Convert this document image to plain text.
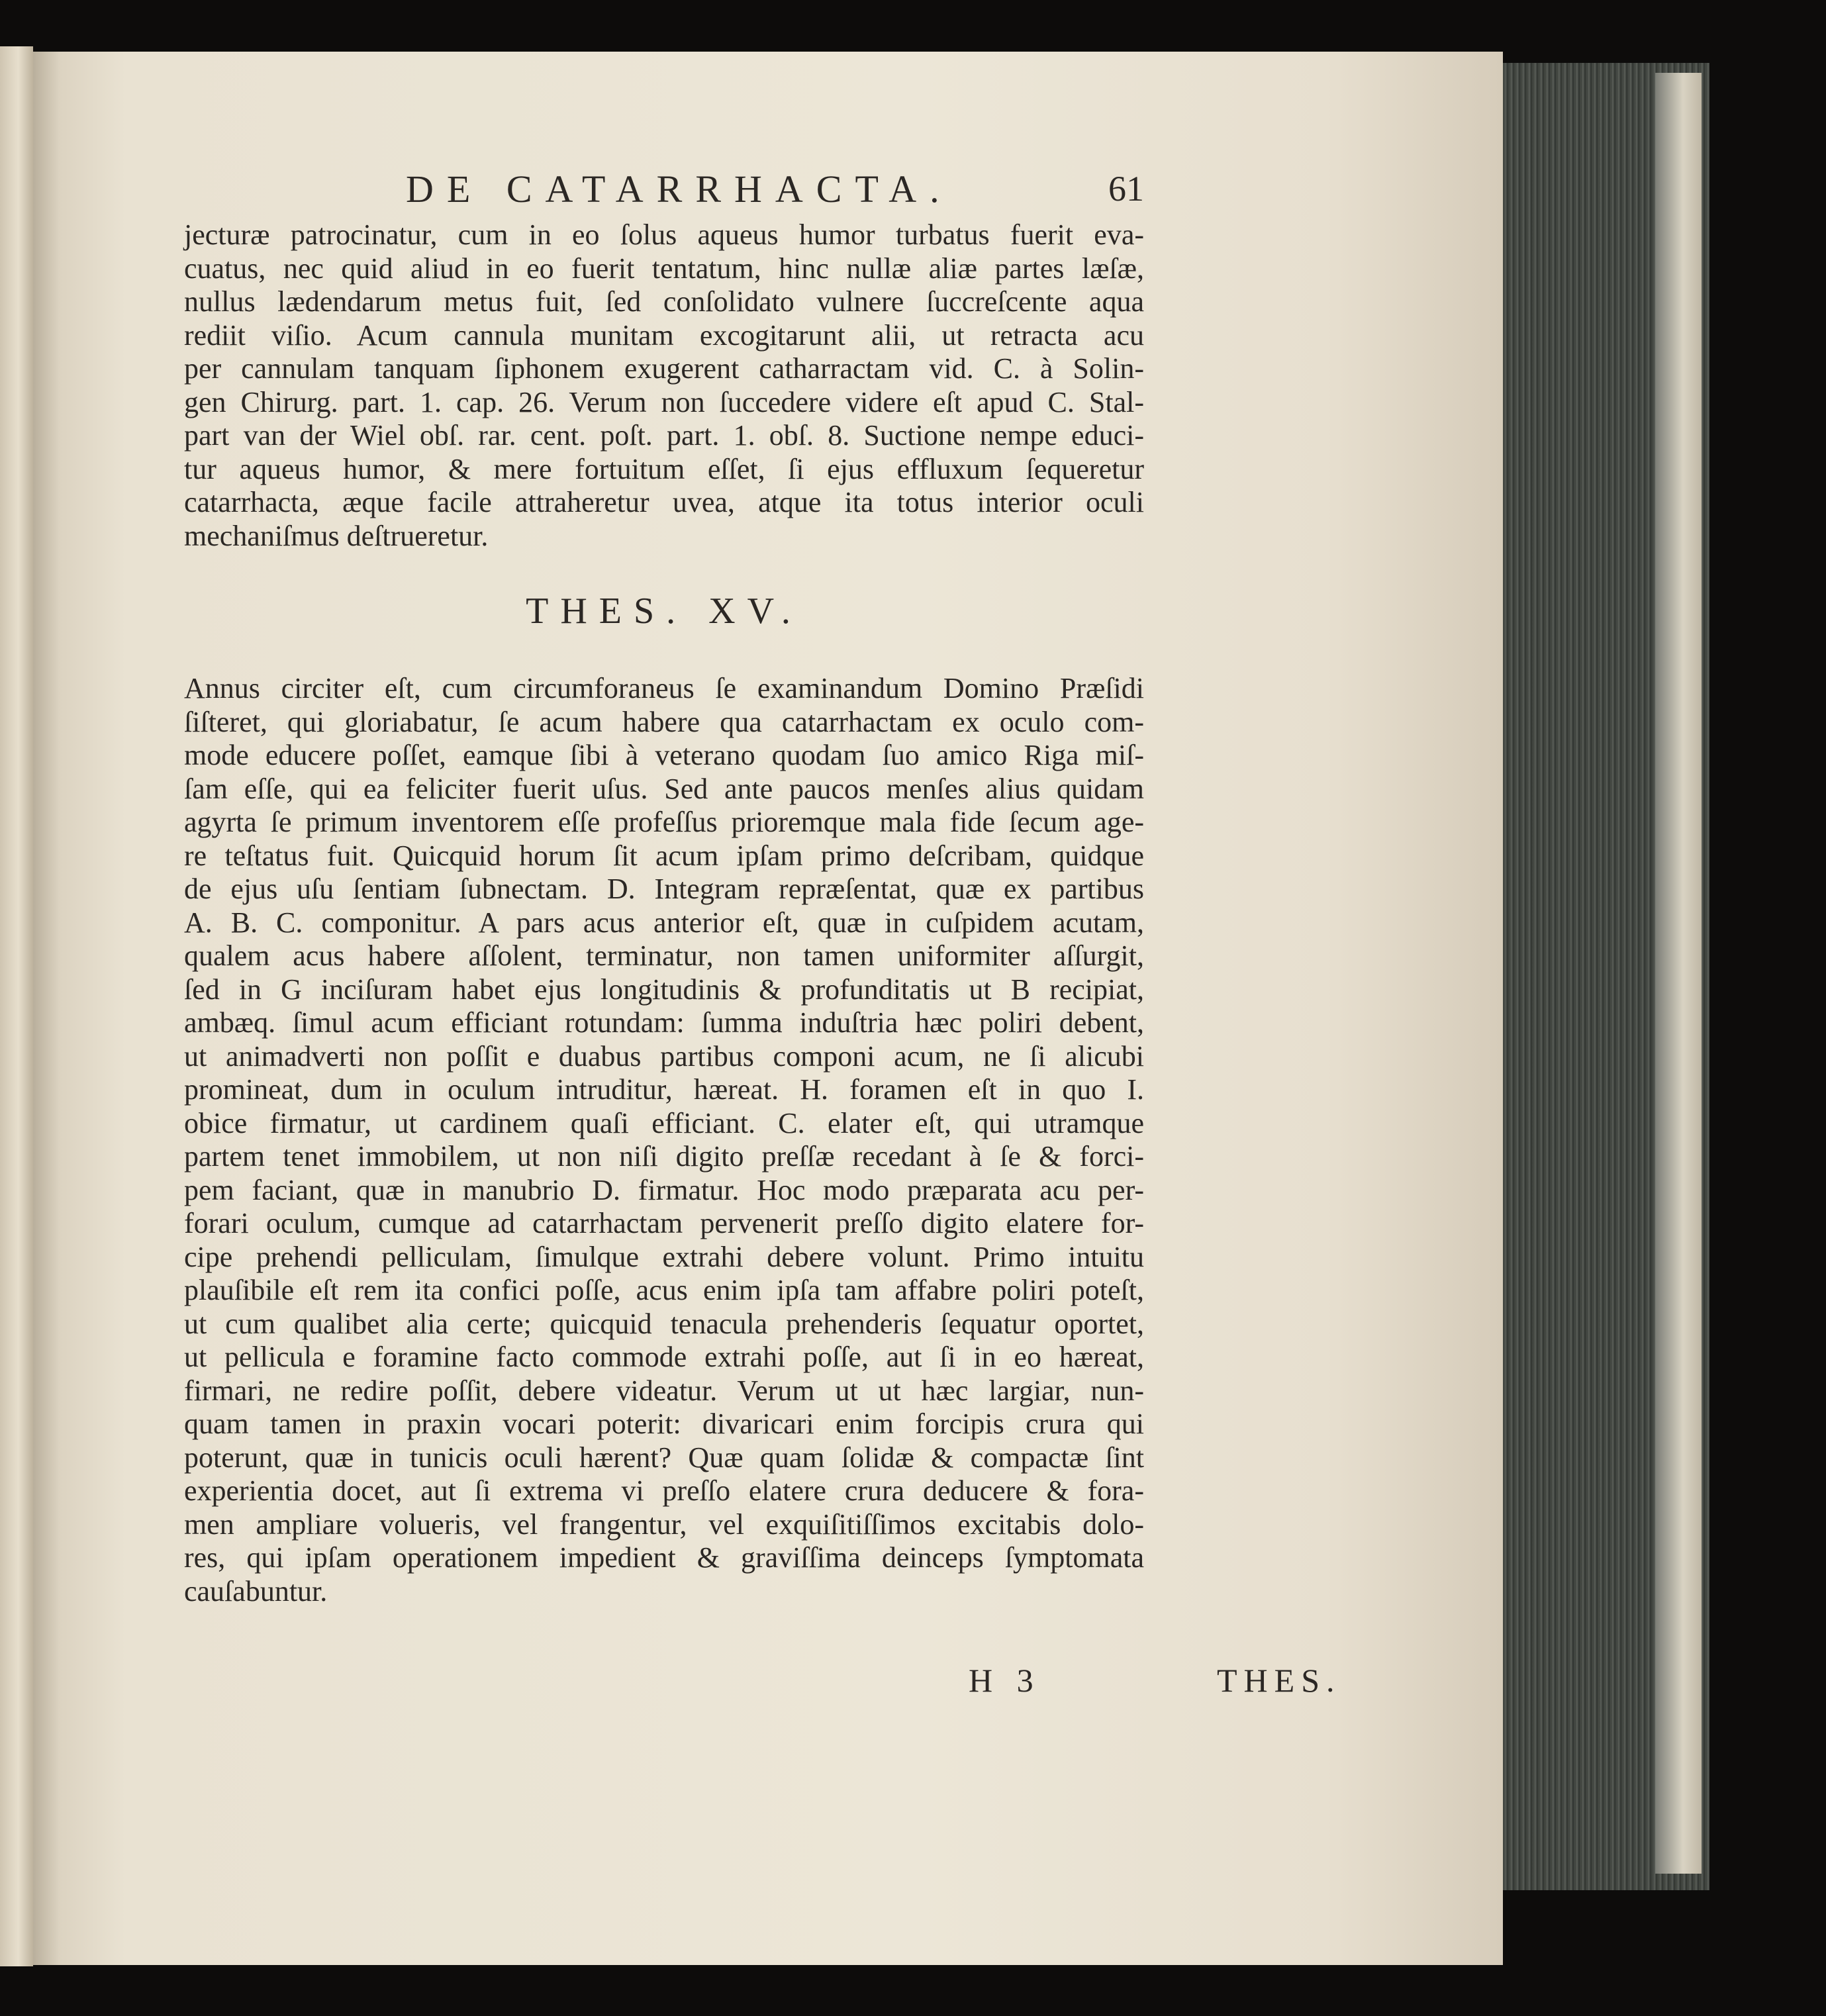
DE CATARRHACTA.	61
jecturæ patrocinatur, cum in eo ſolus aqueus humor turbatus fuerit eva-
cuatus, nec quid aliud in eo fuerit tentatum, hinc nullæ aliæ partes læſæ,
nullus lædendarum metus fuit, ſed conſolidato vulnere ſuccreſcente aqua
rediit viſio. Acum cannula munitam excogitarunt alii, ut retracta acu
per cannulam tanquam ſiphonem exugerent catharractam vid. C. à Solin-
gen Chirurg. part. 1. cap. 26. Verum non ſuccedere videre eſt apud C. Stal-
part van der Wiel obſ. rar. cent. poſt. part. 1. obſ. 8. Suctione nempe educi-
tur aqueus humor, & mere fortuitum eſſet, ſi ejus effluxum ſequeretur
catarrhacta, æque facile attraheretur uvea, atque ita totus interior oculi
mechaniſmus deſtrueretur.
THES. XV.
Annus circiter eſt, cum circumforaneus ſe examinandum Domino Præſidi
ſiſteret, qui gloriabatur, ſe acum habere qua catarrhactam ex oculo com-
mode educere poſſet, eamque ſibi à veterano quodam ſuo amico Riga miſ-
ſam eſſe, qui ea feliciter fuerit uſus. Sed ante paucos menſes alius quidam
agyrta ſe primum inventorem eſſe profeſſus prioremque mala fide ſecum age-
re teſtatus fuit. Quicquid horum ſit acum ipſam primo deſcribam, quidque
de ejus uſu ſentiam ſubnectam. D. Integram repræſentat, quæ ex partibus
A. B. C. componitur. A pars acus anterior eſt, quæ in cuſpidem acutam,
qualem acus habere aſſolent, terminatur, non tamen uniformiter aſſurgit,
ſed in G inciſuram habet ejus longitudinis & profunditatis ut B recipiat,
ambæq. ſimul acum efficiant rotundam: ſumma induſtria hæc poliri debent,
ut animadverti non poſſit e duabus partibus componi acum, ne ſi alicubi
promineat, dum in oculum intruditur, hæreat. H. foramen eſt in quo I.
obice firmatur, ut cardinem quaſi efficiant. C. elater eſt, qui utramque
partem tenet immobilem, ut non niſi digito preſſæ recedant à ſe & forci-
pem faciant, quæ in manubrio D. firmatur. Hoc modo præparata acu per-
forari oculum, cumque ad catarrhactam pervenerit preſſo digito elatere for-
cipe prehendi pelliculam, ſimulque extrahi debere volunt. Primo intuitu
plauſibile eſt rem ita confici poſſe, acus enim ipſa tam affabre poliri poteſt,
ut cum qualibet alia certe; quicquid tenacula prehenderis ſequatur oportet,
ut pellicula e foramine facto commode extrahi poſſe, aut ſi in eo hæreat,
firmari, ne redire poſſit, debere videatur. Verum ut ut hæc largiar, nun-
quam tamen in praxin vocari poterit: divaricari enim forcipis crura qui
poterunt, quæ in tunicis oculi hærent? Quæ quam ſolidæ & compactæ ſint
experientia docet, aut ſi extrema vi preſſo elatere crura deducere & fora-
men ampliare volueris, vel frangentur, vel exquiſitiſſimos excitabis dolo-
res, qui ipſam operationem impedient & graviſſima deinceps ſymptomata
cauſabuntur.
H 3	THES.
